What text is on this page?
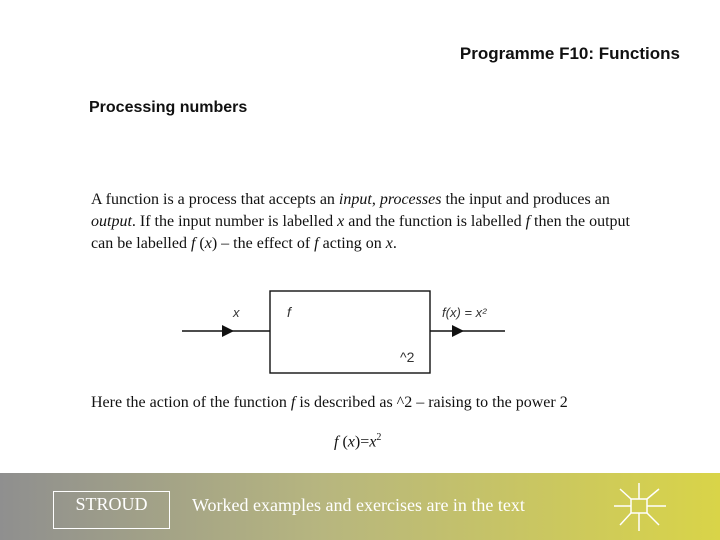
Programme F10: Functions
Processing numbers
A function is a process that accepts an input, processes the input and produces an output. If the input number is labelled x and the function is labelled f then the output can be labelled f (x) – the effect of f acting on x.
x	f
^2
f(x) = x²
Here the action of the function f is described as ^2 – raising to the power 2
f $(x)=x^2$
STROUD	Worked examples and exercises are in the text
